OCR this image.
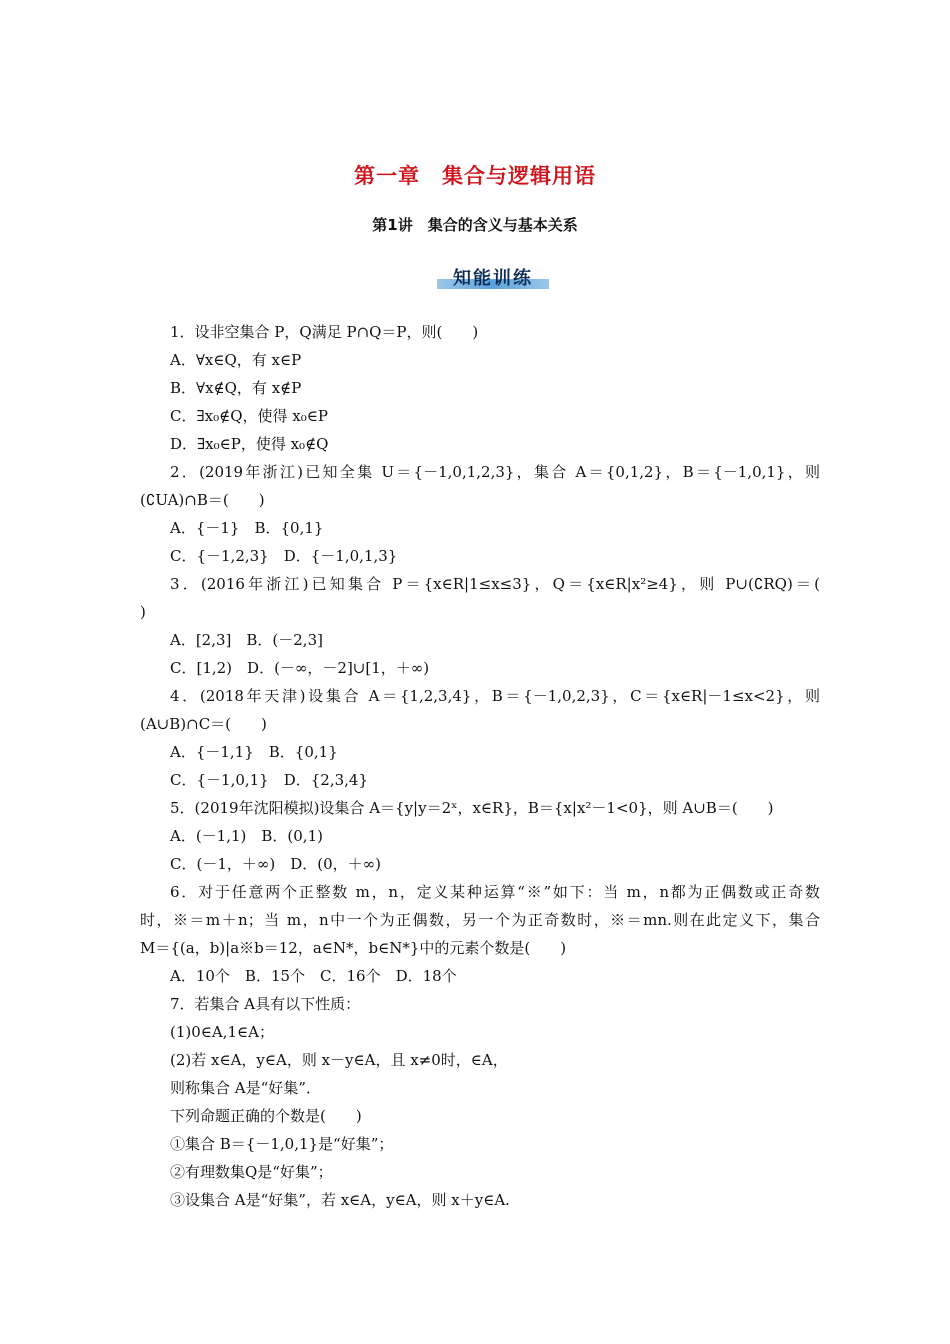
第一章　集合与逻辑用语
第1讲　集合的含义与基本关系
知能训练
1．设非空集合 P，Q满足 P∩Q＝P，则(　　)
A．∀x∈Q，有 x∈P
B．∀x∉Q，有 x∉P
C．∃x₀∉Q，使得 x₀∈P
D．∃x₀∈P，使得 x₀∉Q
2．(2019年浙江)已知全集 U＝{－1,0,1,2,3}，集合 A＝{0,1,2}，B＝{－1,0,1}，则
(∁UA)∩B＝(　　)
A．{－1}　B．{0,1}
C．{－1,2,3}　D．{－1,0,1,3}
3．(2016年浙江)已知集合 P＝{x∈R|1≤x≤3}，Q＝{x∈R|x²≥4}，则 P∪(∁RQ)＝(
)
A．[2,3]　B．(－2,3]
C．[1,2)　D．(－∞，－2]∪[1，＋∞)
4．(2018年天津)设集合 A＝{1,2,3,4}，B＝{－1,0,2,3}，C＝{x∈R|－1≤x<2}，则
(A∪B)∩C＝(　　)
A．{－1,1}　B．{0,1}
C．{－1,0,1}　D．{2,3,4}
5．(2019年沈阳模拟)设集合 A＝{y|y＝2ˣ，x∈R}，B＝{x|x²－1<0}，则 A∪B＝(　　)
A．(－1,1)　B．(0,1)
C．(－1，＋∞)　D．(0，＋∞)
6．对于任意两个正整数 m，n，定义某种运算“※”如下：当 m，n都为正偶数或正奇数
时，※＝m＋n；当 m，n中一个为正偶数，另一个为正奇数时，※＝mn.则在此定义下，集合
M＝{(a，b)|a※b＝12，a∈N*，b∈N*}中的元素个数是(　　)
A．10个　B．15个　C．16个　D．18个
7．若集合 A具有以下性质：
(1)0∈A,1∈A；
(2)若 x∈A，y∈A，则 x－y∈A，且 x≠0时，∈A，
则称集合 A是“好集”．
下列命题正确的个数是(　　)
①集合 B＝{－1,0,1}是“好集”；
②有理数集Q是“好集”；
③设集合 A是“好集”，若 x∈A，y∈A，则 x＋y∈A.
